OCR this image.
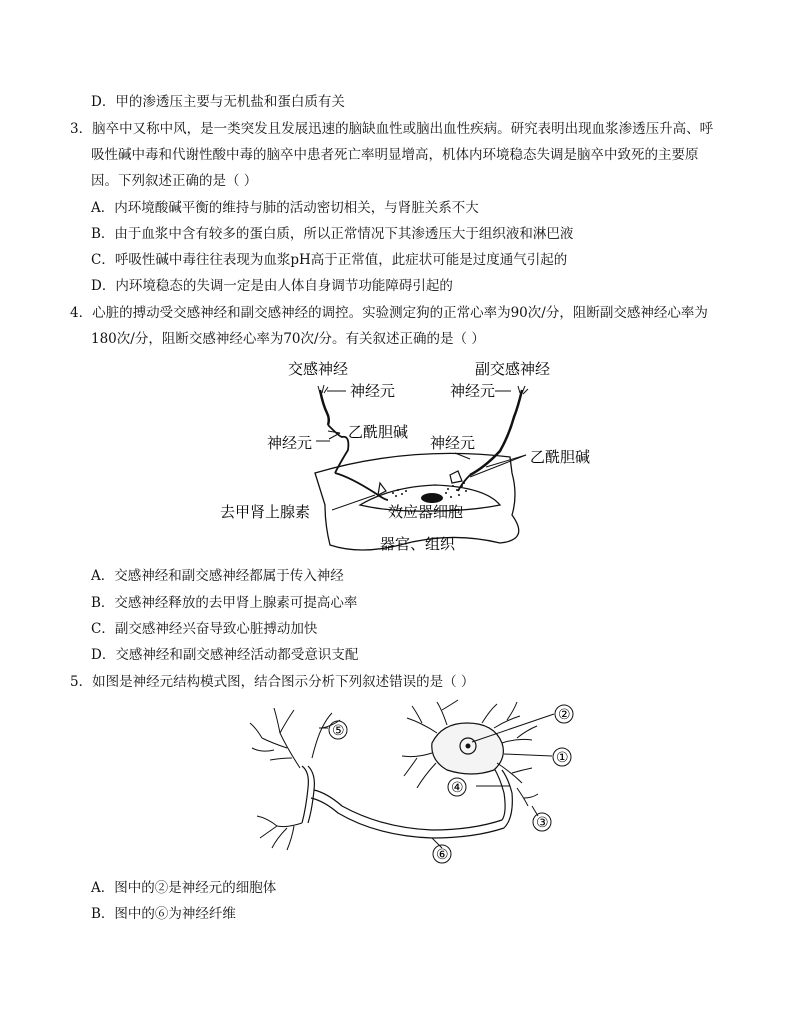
D．甲的渗透压主要与无机盐和蛋白质有关
3．脑卒中又称中风，是一类突发且发展迅速的脑缺血性或脑出血性疾病。研究表明出现血浆渗透压升高、呼
吸性碱中毒和代谢性酸中毒的脑卒中患者死亡率明显增高，机体内环境稳态失调是脑卒中致死的主要原
因。下列叙述正确的是（ ）
A．内环境酸碱平衡的维持与肺的活动密切相关，与肾脏关系不大
B．由于血浆中含有较多的蛋白质，所以正常情况下其渗透压大于组织液和淋巴液
C．呼吸性碱中毒往往表现为血浆pH高于正常值，此症状可能是过度通气引起的
D．内环境稳态的失调一定是由人体自身调节功能障碍引起的
4．心脏的搏动受交感神经和副交感神经的调控。实验测定狗的正常心率为90次/分，阻断副交感神经心率为
180次/分，阻断交感神经心率为70次/分。有关叙述正确的是（ ）
交感神经	副交感神经
神经元	神经元
乙酰胆碱
神经元	神经元
乙酰胆碱
去甲肾上腺素	效应器细胞
器官、组织
A．交感神经和副交感神经都属于传入神经
B．交感神经释放的去甲肾上腺素可提高心率
C．副交感神经兴奋导致心脏搏动加快
D．交感神经和副交感神经活动都受意识支配
5．如图是神经元结构模式图，结合图示分析下列叙述错误的是（ ）
②
①
③
④
⑤
⑥
A．图中的②是神经元的细胞体
B．图中的⑥为神经纤维
